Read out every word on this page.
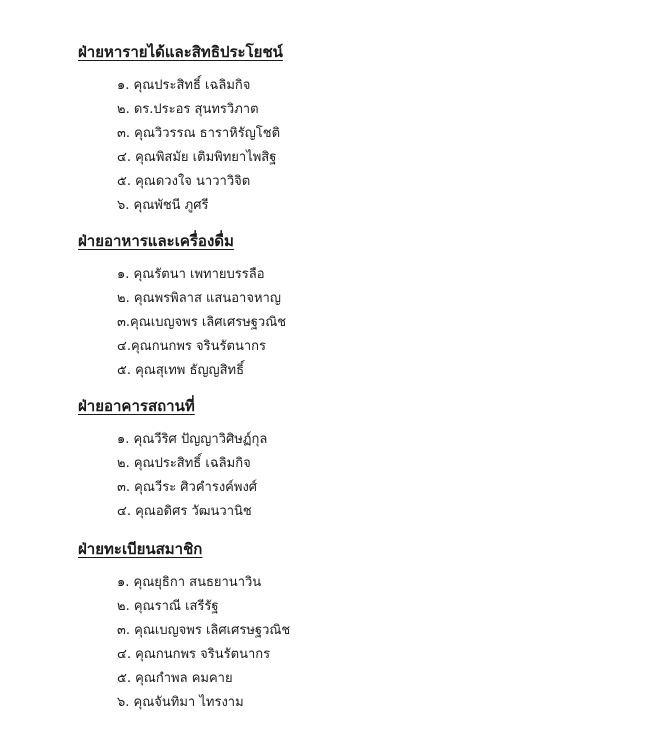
ฝ่ายหารายได้และสิทธิประโยชน์
๑. คุณประสิทธิ์ เฉลิมกิจ
๒. ดร.ประอร สุนทรวิภาต
๓. คุณวิวรรณ ธาราหิรัญโชติ
๔. คุณพิสมัย เติมพิทยาไพสิฐ
๕. คุณดวงใจ นาวาวิจิต
๖. คุณพัชนี ภูศรี
ฝ่ายอาหารและเครื่องดื่ม
๑. คุณรัตนา เพทายบรรลือ
๒. คุณพรพิลาส แสนอาจหาญ
๓.คุณเบญจพร เลิศเศรษฐวณิช
๔.คุณกนกพร จรินรัตนากร
๕. คุณสุเทพ ธัญญสิทธิ์
ฝ่ายอาคารสถานที่
๑. คุณวีริศ ปัญญาวิศิษฏ์กุล
๒. คุณประสิทธิ์ เฉลิมกิจ
๓. คุณวีระ ศิวคำรงค์พงศ์
๔. คุณอดิศร วัฒนวานิช
ฝ่ายทะเบียนสมาชิก
๑. คุณยุธิกา สนธยานาวิน
๒. คุณราณี เสรีรัฐ
๓. คุณเบญจพร เลิศเศรษฐวณิช
๔. คุณกนกพร จรินรัตนากร
๕. คุณกำพล คมคาย
๖. คุณจันทิมา ไทรงาม
